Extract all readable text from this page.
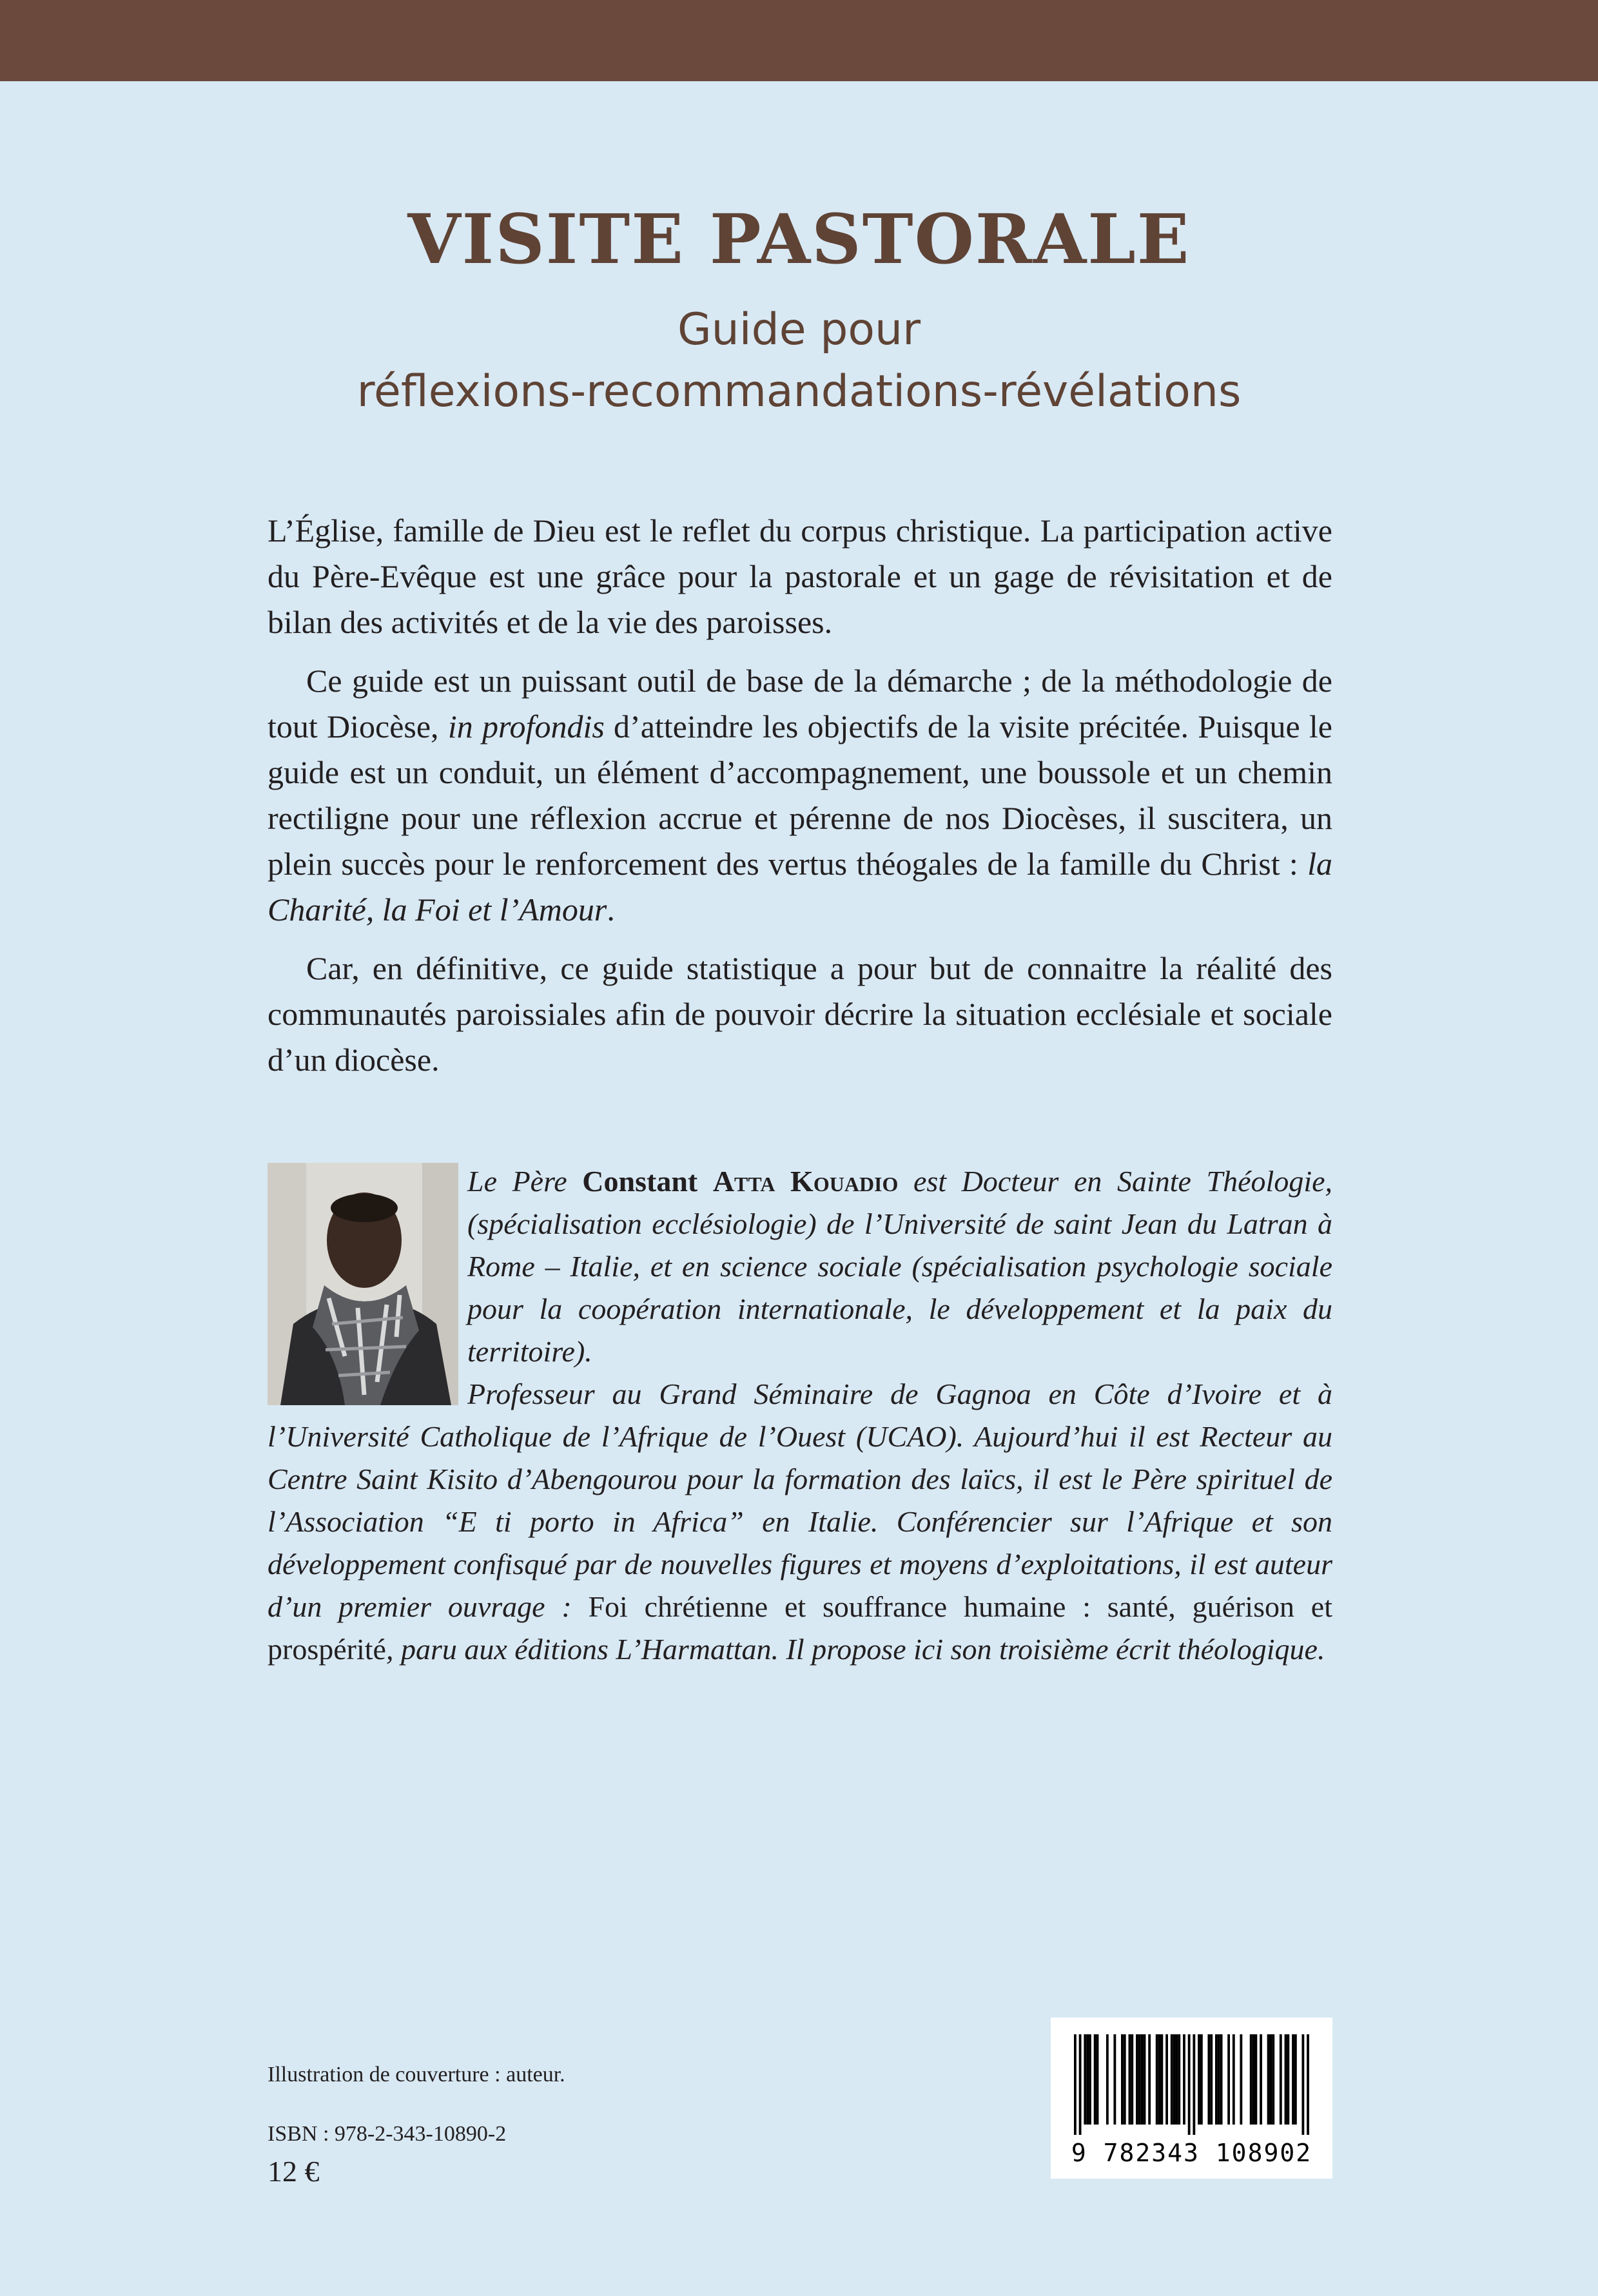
VISITE PASTORALE
Guide pour
réflexions-recommandations-révélations

L’Église, famille de Dieu est le reflet du corpus christique. La participation active du Père-Evêque est une grâce pour la pastorale et un gage de révisitation et de bilan des activités et de la vie des paroisses.

Ce guide est un puissant outil de base de la démarche ; de la méthodologie de tout Diocèse, in profondis d’atteindre les objectifs de la visite précitée. Puisque le guide est un conduit, un élément d’accompagnement, une boussole et un chemin rectiligne pour une réflexion accrue et pérenne de nos Diocèses, il suscitera, un plein succès pour le renforcement des vertus théogales de la famille du Christ : la Charité, la Foi et l’Amour.

Car, en définitive, ce guide statistique a pour but de connaitre la réalité des communautés paroissiales afin de pouvoir décrire la situation ecclésiale et sociale d’un diocèse.

Le Père Constant Atta Kouadio est Docteur en Sainte Théologie, (spécialisation ecclésiologie) de l’Université de saint Jean du Latran à Rome – Italie, et en science sociale (spécialisation psychologie sociale pour la coopération internationale, le développement et la paix du territoire).
Professeur au Grand Séminaire de Gagnoa en Côte d’Ivoire et à l’Université Catholique de l’Afrique de l’Ouest (UCAO). Aujourd’hui il est Recteur au Centre Saint Kisito d’Abengourou pour la formation des laïcs, il est le Père spirituel de l’Association “E ti porto in Africa” en Italie. Conférencier sur l’Afrique et son développement confisqué par de nouvelles figures et moyens d’exploitations, il est auteur d’un premier ouvrage : Foi chrétienne et souffrance humaine : santé, guérison et prospérité, paru aux éditions L’Harmattan. Il propose ici son troisième écrit théologique.
Illustration de couverture : auteur.
ISBN : 978-2-343-10890-2
12 €
9 782343 108902
